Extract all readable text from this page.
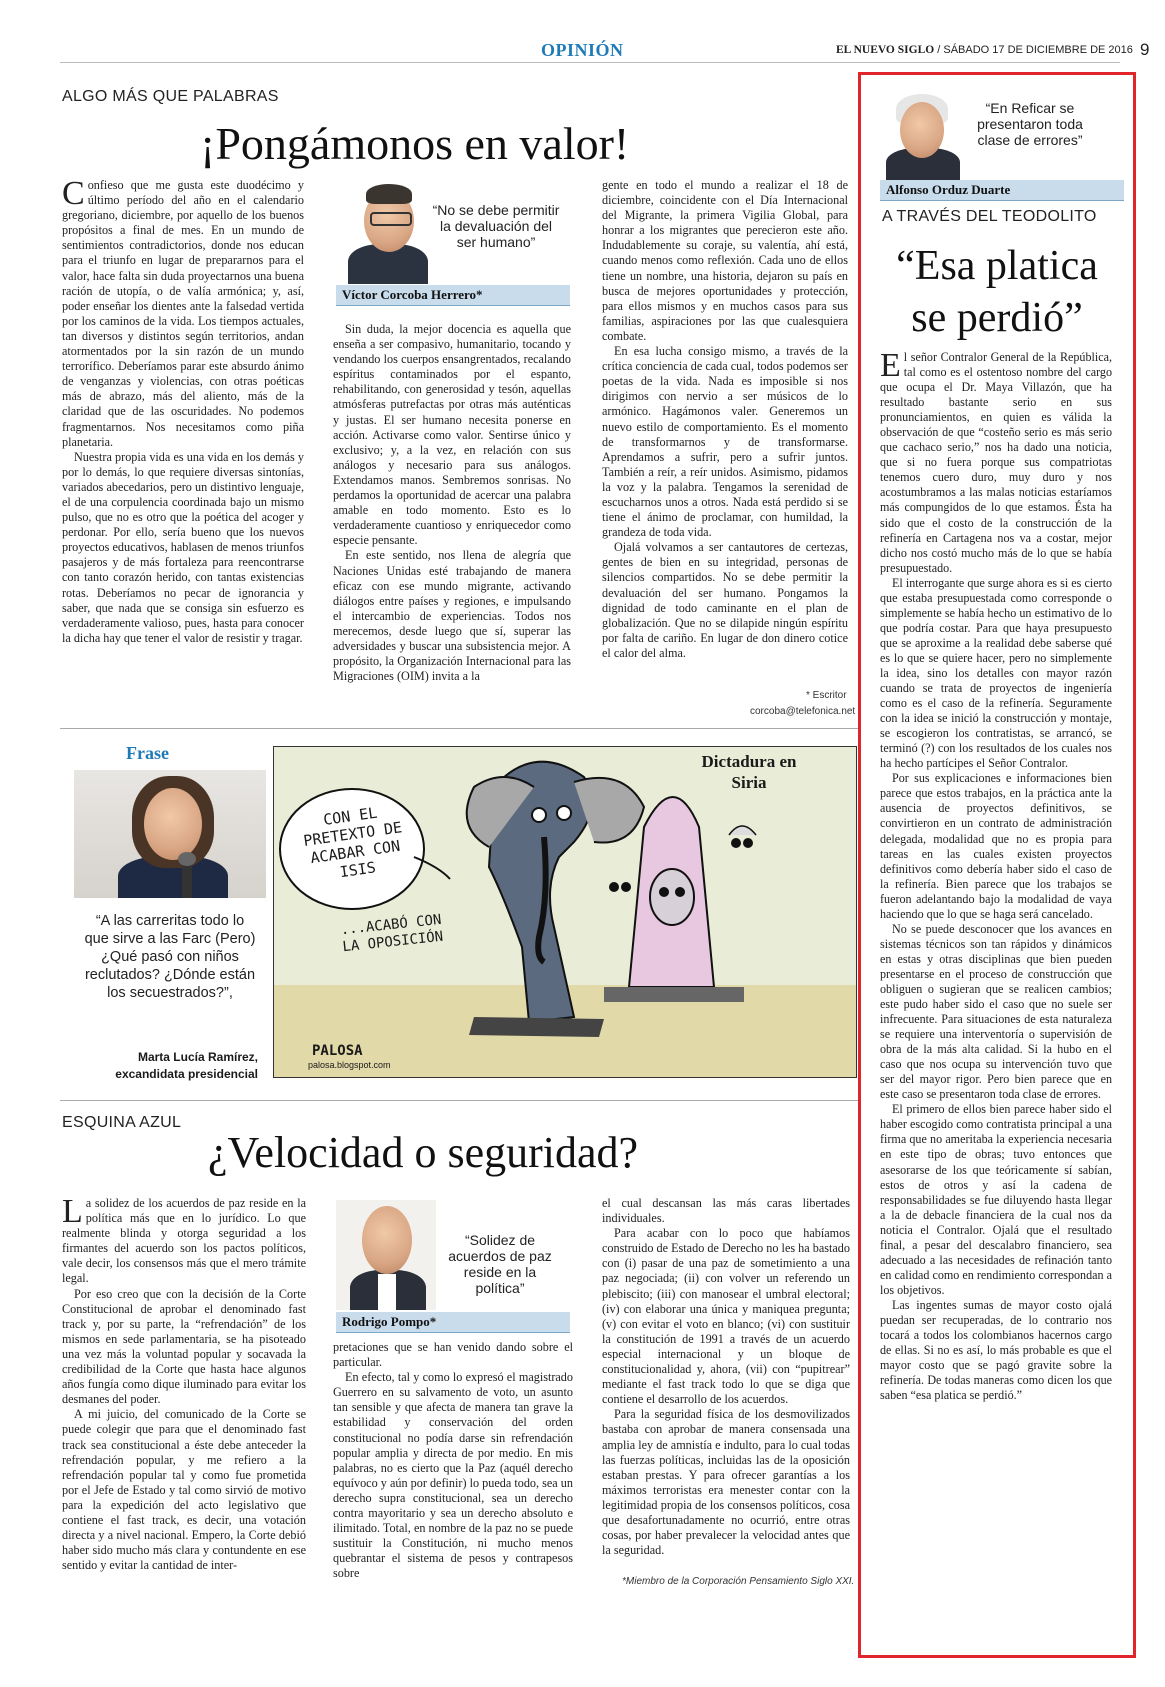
OPINIÓN	EL NUEVO SIGLO / SÁBADO 17 DE DICIEMBRE DE 2016 9
ALGO MÁS QUE PALABRAS
¡Pongámonos en valor!

Confieso que me gusta este duodécimo y último período del año en el calendario gregoriano, diciembre, por aquello de los buenos propósitos a final de mes. En un mundo de sentimientos contradictorios, donde nos educan para el triunfo en lugar de prepararnos para el valor, hace falta sin duda proyectarnos una buena ración de utopía, o de valía armónica; y, así, poder enseñar los dientes ante la falsedad vertida por los caminos de la vida. Los tiempos actuales, tan diversos y distintos según territorios, andan atormentados por la sin razón de un mundo terrorífico. Deberíamos parar este absurdo ánimo de venganzas y violencias, con otras poéticas más de abrazo, más del aliento, más de la claridad que de las oscuridades. No podemos fragmentarnos. Nos necesitamos como piña planetaria.

Nuestra propia vida es una vida en los demás y por lo demás, lo que requiere diversas sintonías, variados abecedarios, pero un distintivo lenguaje, el de una corpulencia coordinada bajo un mismo pulso, que no es otro que la poética del acoger y perdonar. Por ello, sería bueno que los nuevos proyectos educativos, hablasen de menos triunfos pasajeros y de más fortaleza para reencontrarse con tanto corazón herido, con tantas existencias rotas. Deberíamos no pecar de ignorancia y saber, que nada que se consiga sin esfuerzo es verdaderamente valioso, pues, hasta para conocer la dicha hay que tener el valor de resistir y tragar.

“No se debe permitir la devaluación del ser humano”
Víctor Corcoba Herrero*

Sin duda, la mejor docencia es aquella que enseña a ser compasivo, humanitario, tocando y vendando los cuerpos ensangrentados, recalando espíritus contaminados por el espanto, rehabilitando, con generosidad y tesón, aquellas atmósferas putrefactas por otras más auténticas y justas. El ser humano necesita ponerse en acción. Activarse como valor. Sentirse único y exclusivo; y, a la vez, en relación con sus análogos y necesario para sus análogos. Extendamos manos. Sembremos sonrisas. No perdamos la oportunidad de acercar una palabra amable en todo momento. Esto es lo verdaderamente cuantioso y enriquecedor como especie pensante.

En este sentido, nos llena de alegría que Naciones Unidas esté trabajando de manera eficaz con ese mundo migrante, activando diálogos entre países y regiones, e impulsando el intercambio de experiencias. Todos nos merecemos, desde luego que sí, superar las adversidades y buscar una subsistencia mejor. A propósito, la Organización Internacional para las Migraciones (OIM) invita a la

gente en todo el mundo a realizar el 18 de diciembre, coincidente con el Día Internacional del Migrante, la primera Vigilia Global, para honrar a los migrantes que perecieron este año. Indudablemente su coraje, su valentía, ahí está, cuando menos como reflexión. Cada uno de ellos tiene un nombre, una historia, dejaron su país en busca de mejores oportunidades y protección, para ellos mismos y en muchos casos para sus familias, aspiraciones por las que cualesquiera combate.

En esa lucha consigo mismo, a través de la crítica conciencia de cada cual, todos podemos ser poetas de la vida. Nada es imposible si nos dirigimos con nervio a ser músicos de lo armónico. Hagámonos valer. Generemos un nuevo estilo de comportamiento. Es el momento de transformarnos y de transformarse. Aprendamos a sufrir, pero a sufrir juntos. También a reír, a reír unidos. Asimismo, pidamos la voz y la palabra. Tengamos la serenidad de escucharnos unos a otros. Nada está perdido si se tiene el ánimo de proclamar, con humildad, la grandeza de toda vida.

Ojalá volvamos a ser cantautores de certezas, gentes de bien en su integridad, personas de silencios compartidos. No se debe permitir la devaluación del ser humano. Pongamos la dignidad de todo caminante en el plan de globalización. Que no se dilapide ningún espíritu por falta de cariño. En lugar de don dinero cotice el calor del alma.

* Escritor
corcoba@telefonica.net
Frase
“A las carreritas todo lo que sirve a las Farc (Pero) ¿Qué pasó con niños reclutados? ¿Dónde están los secuestrados?”,
Marta Lucía Ramírez,
excandidata presidencial
Dictadura en Siria
CON EL PRETEXTO DE ACABAR CON ISIS
...ACABÓ CON LA OPOSICIÓN
PALOSA
palosa.blogspot.com
ESQUINA AZUL
¿Velocidad o seguridad?

La solidez de los acuerdos de paz reside en la política más que en lo jurídico. Lo que realmente blinda y otorga seguridad a los firmantes del acuerdo son los pactos políticos, vale decir, los consensos más que el mero trámite legal.

Por eso creo que con la decisión de la Corte Constitucional de aprobar el denominado fast track y, por su parte, la “refrendación” de los mismos en sede parlamentaria, se ha pisoteado una vez más la voluntad popular y socavada la credibilidad de la Corte que hasta hace algunos años fungía como dique iluminado para evitar los desmanes del poder.

A mi juicio, del comunicado de la Corte se puede colegir que para que el denominado fast track sea constitucional a éste debe anteceder la refrendación popular, y me refiero a la refrendación popular tal y como fue prometida por el Jefe de Estado y tal como sirvió de motivo para la expedición del acto legislativo que contiene el fast track, es decir, una votación directa y a nivel nacional. Empero, la Corte debió haber sido mucho más clara y contundente en ese sentido y evitar la cantidad de inter-

“Solidez de acuerdos de paz reside en la política”
Rodrigo Pompo*

pretaciones que se han venido dando sobre el particular.

En efecto, tal y como lo expresó el magistrado Guerrero en su salvamento de voto, un asunto tan sensible y que afecta de manera tan grave la estabilidad y conservación del orden constitucional no podía darse sin refrendación popular amplia y directa de por medio. En mis palabras, no es cierto que la Paz (aquél derecho equívoco y aún por definir) lo pueda todo, sea un derecho supra constitucional, sea un derecho contra mayoritario y sea un derecho absoluto e ilimitado. Total, en nombre de la paz no se puede sustituir la Constitución, ni mucho menos quebrantar el sistema de pesos y contrapesos sobre

el cual descansan las más caras libertades individuales.

Para acabar con lo poco que habíamos construido de Estado de Derecho no les ha bastado con (i) pasar de una paz de sometimiento a una paz negociada; (ii) con volver un referendo un plebiscito; (iii) con manosear el umbral electoral; (iv) con elaborar una única y maniquea pregunta; (v) con evitar el voto en blanco; (vi) con sustituir la constitución de 1991 a través de un acuerdo especial internacional y un bloque de constitucionalidad y, ahora, (vii) con “pupitrear” mediante el fast track todo lo que se diga que contiene el desarrollo de los acuerdos.

Para la seguridad física de los desmovilizados bastaba con aprobar de manera consensada una amplia ley de amnistía e indulto, para lo cual todas las fuerzas políticas, incluidas las de la oposición estaban prestas. Y para ofrecer garantías a los máximos terroristas era menester contar con la legitimidad propia de los consensos políticos, cosa que desafortunadamente no ocurrió, entre otras cosas, por haber prevalecer la velocidad antes que la seguridad.

*Miembro de la Corporación Pensamiento Siglo XXI.
“En Reficar se presentaron toda clase de errores”
Alfonso Orduz Duarte
A TRAVÉS DEL TEODOLITO
“Esa platica
se perdió”

El señor Contralor General de la República, tal como es el ostentoso nombre del cargo que ocupa el Dr. Maya Villazón, que ha resultado bastante serio en sus pronunciamientos, en quien es válida la observación de que “costeño serio es más serio que cachaco serio,” nos ha dado una noticia, que si no fuera porque sus compatriotas tenemos cuero duro, muy duro y nos acostumbramos a las malas noticias estaríamos más compungidos de lo que estamos. Ésta ha sido que el costo de la construcción de la refinería en Cartagena nos va a costar, mejor dicho nos costó mucho más de lo que se había presupuestado.

El interrogante que surge ahora es si es cierto que estaba presupuestada como corresponde o simplemente se había hecho un estimativo de lo que podría costar. Para que haya presupuesto que se aproxime a la realidad debe saberse qué es lo que se quiere hacer, pero no simplemente la idea, sino los detalles con mayor razón cuando se trata de proyectos de ingeniería como es el caso de la refinería. Seguramente con la idea se inició la construcción y montaje, se escogieron los contratistas, se arrancó, se terminó (?) con los resultados de los cuales nos ha hecho partícipes el Señor Contralor.

Por sus explicaciones e informaciones bien parece que estos trabajos, en la práctica ante la ausencia de proyectos definitivos, se convirtieron en un contrato de administración delegada, modalidad que no es propia para tareas en las cuales existen proyectos definitivos como debería haber sido el caso de la refinería. Bien parece que los trabajos se fueron adelantando bajo la modalidad de vaya haciendo que lo que se haga será cancelado.

No se puede desconocer que los avances en sistemas técnicos son tan rápidos y dinámicos en estas y otras disciplinas que bien pueden presentarse en el proceso de construcción que obliguen o sugieran que se realicen cambios; este pudo haber sido el caso que no suele ser infrecuente. Para situaciones de esta naturaleza se requiere una interventoría o supervisión de obra de la más alta calidad. Si la hubo en el caso que nos ocupa su intervención tuvo que ser del mayor rigor. Pero bien parece que en este caso se presentaron toda clase de errores.

El primero de ellos bien parece haber sido el haber escogido como contratista principal a una firma que no ameritaba la experiencia necesaria en este tipo de obras; tuvo entonces que asesorarse de los que teóricamente sí sabían, estos de otros y así la cadena de responsabilidades se fue diluyendo hasta llegar a la de debacle financiera de la cual nos da noticia el Contralor. Ojalá que el resultado final, a pesar del descalabro financiero, sea adecuado a las necesidades de refinación tanto en calidad como en rendimiento correspondan a los objetivos.

Las ingentes sumas de mayor costo ojalá puedan ser recuperadas, de lo contrario nos tocará a todos los colombianos hacernos cargo de ellas. Si no es así, lo más probable es que el mayor costo que se pagó gravite sobre la refinería. De todas maneras como dicen los que saben “esa platica se perdió.”
